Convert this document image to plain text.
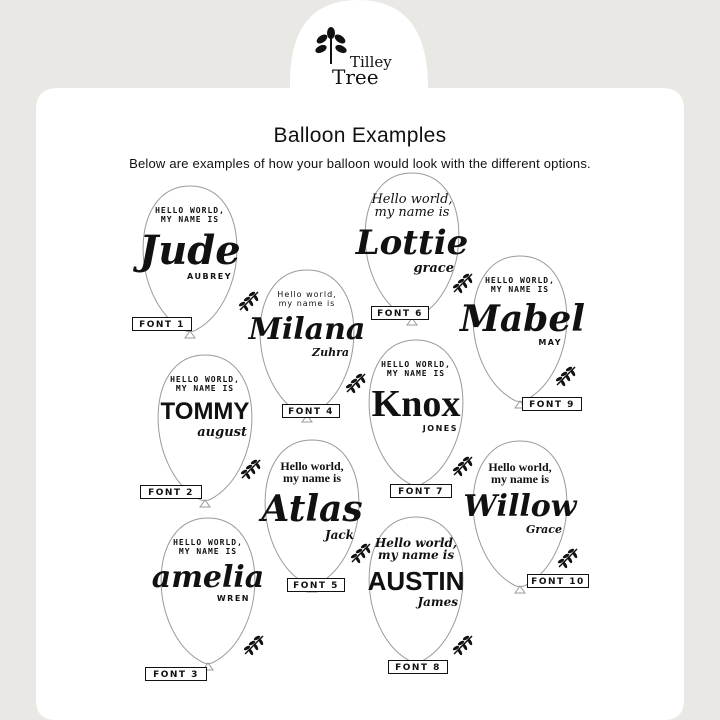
Tilley
Tree
Balloon Examples
Below are examples of how your balloon would look with the different options.
HELLO WORLD,
MY NAME IS
Jude
AUBREY
Hello world,
my name is
Milana
Zuhra
Hello world,
my name is
Lottie
grace
HELLO WORLD,
MY NAME IS
Mabel
MAY
HELLO WORLD,
MY NAME IS
TOMMY
august
HELLO WORLD,
MY NAME IS
Knox
JONES
Hello world,
my name is
Atlas
Jack
Hello world,
my name is
Willow
Grace
HELLO WORLD,
MY NAME IS
amelia
WREN
Hello world,
my name is
AUSTIN
James
FONT 1
FONT 4
FONT 6
FONT 9
FONT 2	FONT 7
FONT 5	FONT 10
FONT 3
FONT 8
